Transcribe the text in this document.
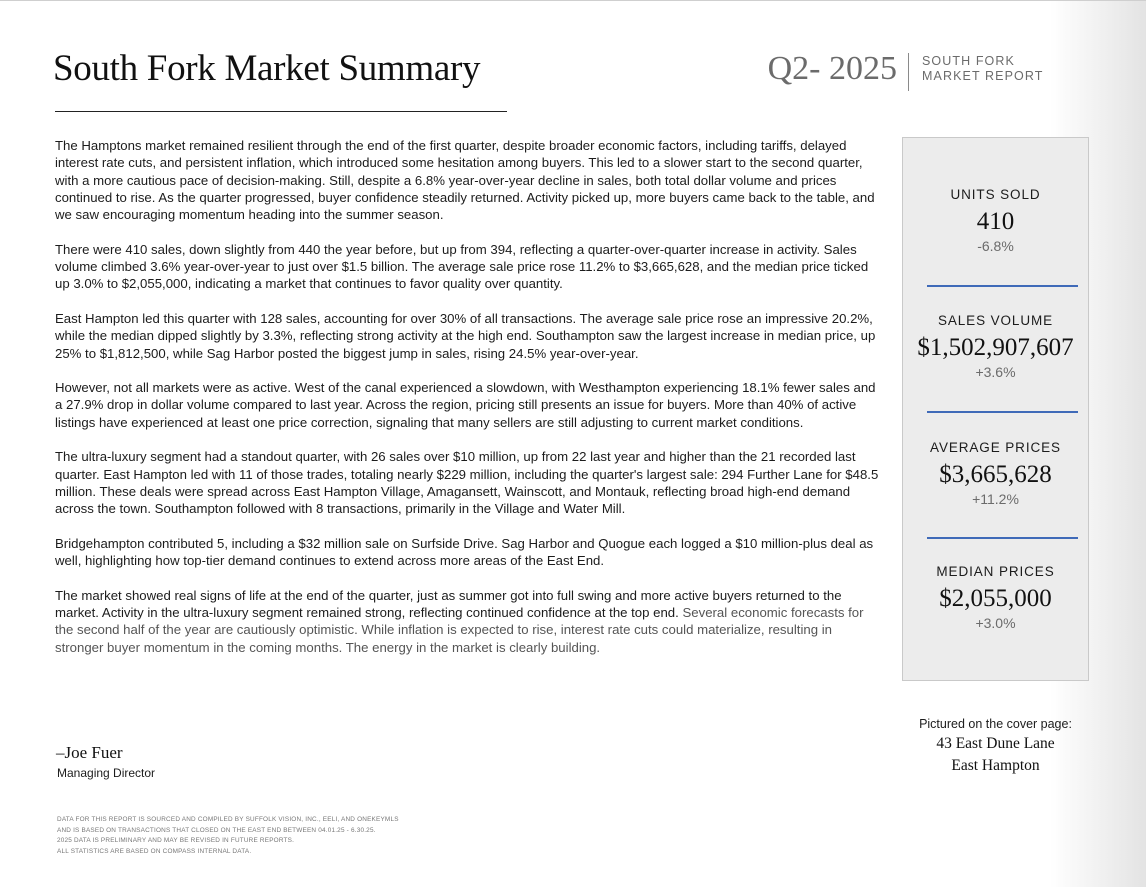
South Fork Market Summary	Q2- 2025 SOUTH FORK
MARKET REPORT

The Hamptons market remained resilient through the end of the first quarter, despite broader economic factors, including tariffs, delayed interest rate cuts, and persistent inflation, which introduced some hesitation among buyers. This led to a slower start to the second quarter, with a more cautious pace of decision-making. Still, despite a 6.8% year-over-year decline in sales, both total dollar volume and prices continued to rise. As the quarter progressed, buyer confidence steadily returned. Activity picked up, more buyers came back to the table, and we saw encouraging momentum heading into the summer season.

There were 410 sales, down slightly from 440 the year before, but up from 394, reflecting a quarter-over-quarter increase in activity. Sales volume climbed 3.6% year-over-year to just over $1.5 billion. The average sale price rose 11.2% to $3,665,628, and the median price ticked up 3.0% to $2,055,000, indicating a market that continues to favor quality over quantity.

East Hampton led this quarter with 128 sales, accounting for over 30% of all transactions. The average sale price rose an impressive 20.2%, while the median dipped slightly by 3.3%, reflecting strong activity at the high end. Southampton saw the largest increase in median price, up 25% to $1,812,500, while Sag Harbor posted the biggest jump in sales, rising 24.5% year-over-year.

However, not all markets were as active. West of the canal experienced a slowdown, with Westhampton experiencing 18.1% fewer sales and a 27.9% drop in dollar volume compared to last year. Across the region, pricing still presents an issue for buyers. More than 40% of active listings have experienced at least one price correction, signaling that many sellers are still adjusting to current market conditions.

The ultra-luxury segment had a standout quarter, with 26 sales over $10 million, up from 22 last year and higher than the 21 recorded last quarter. East Hampton led with 11 of those trades, totaling nearly $229 million, including the quarter's largest sale: 294 Further Lane for $48.5 million. These deals were spread across East Hampton Village, Amagansett, Wainscott, and Montauk, reflecting broad high-end demand across the town. Southampton followed with 8 transactions, primarily in the Village and Water Mill.

Bridgehampton contributed 5, including a $32 million sale on Surfside Drive. Sag Harbor and Quogue each logged a $10 million-plus deal as well, highlighting how top-tier demand continues to extend across more areas of the East End.

The market showed real signs of life at the end of the quarter, just as summer got into full swing and more active buyers returned to the market. Activity in the ultra-luxury segment remained strong, reflecting continued confidence at the top end. Several economic forecasts for the second half of the year are cautiously optimistic. While inflation is expected to rise, interest rate cuts could materialize, resulting in stronger buyer momentum in the coming months. The energy in the market is clearly building.

–Joe Fuer
Managing Director
DATA FOR THIS REPORT IS SOURCED AND COMPILED BY SUFFOLK VISION, INC., EELI, AND ONEKEYMLS
AND IS BASED ON TRANSACTIONS THAT CLOSED ON THE EAST END BETWEEN 04.01.25 - 6.30.25.
2025 DATA IS PRELIMINARY AND MAY BE REVISED IN FUTURE REPORTS.
ALL STATISTICS ARE BASED ON COMPASS INTERNAL DATA.
UNITS SOLD
410
-6.8%
SALES VOLUME
$1,502,907,607
+3.6%
AVERAGE PRICES
$3,665,628
+11.2%
MEDIAN PRICES
$2,055,000
+3.0%
Pictured on the cover page:
43 East Dune Lane
East Hampton
